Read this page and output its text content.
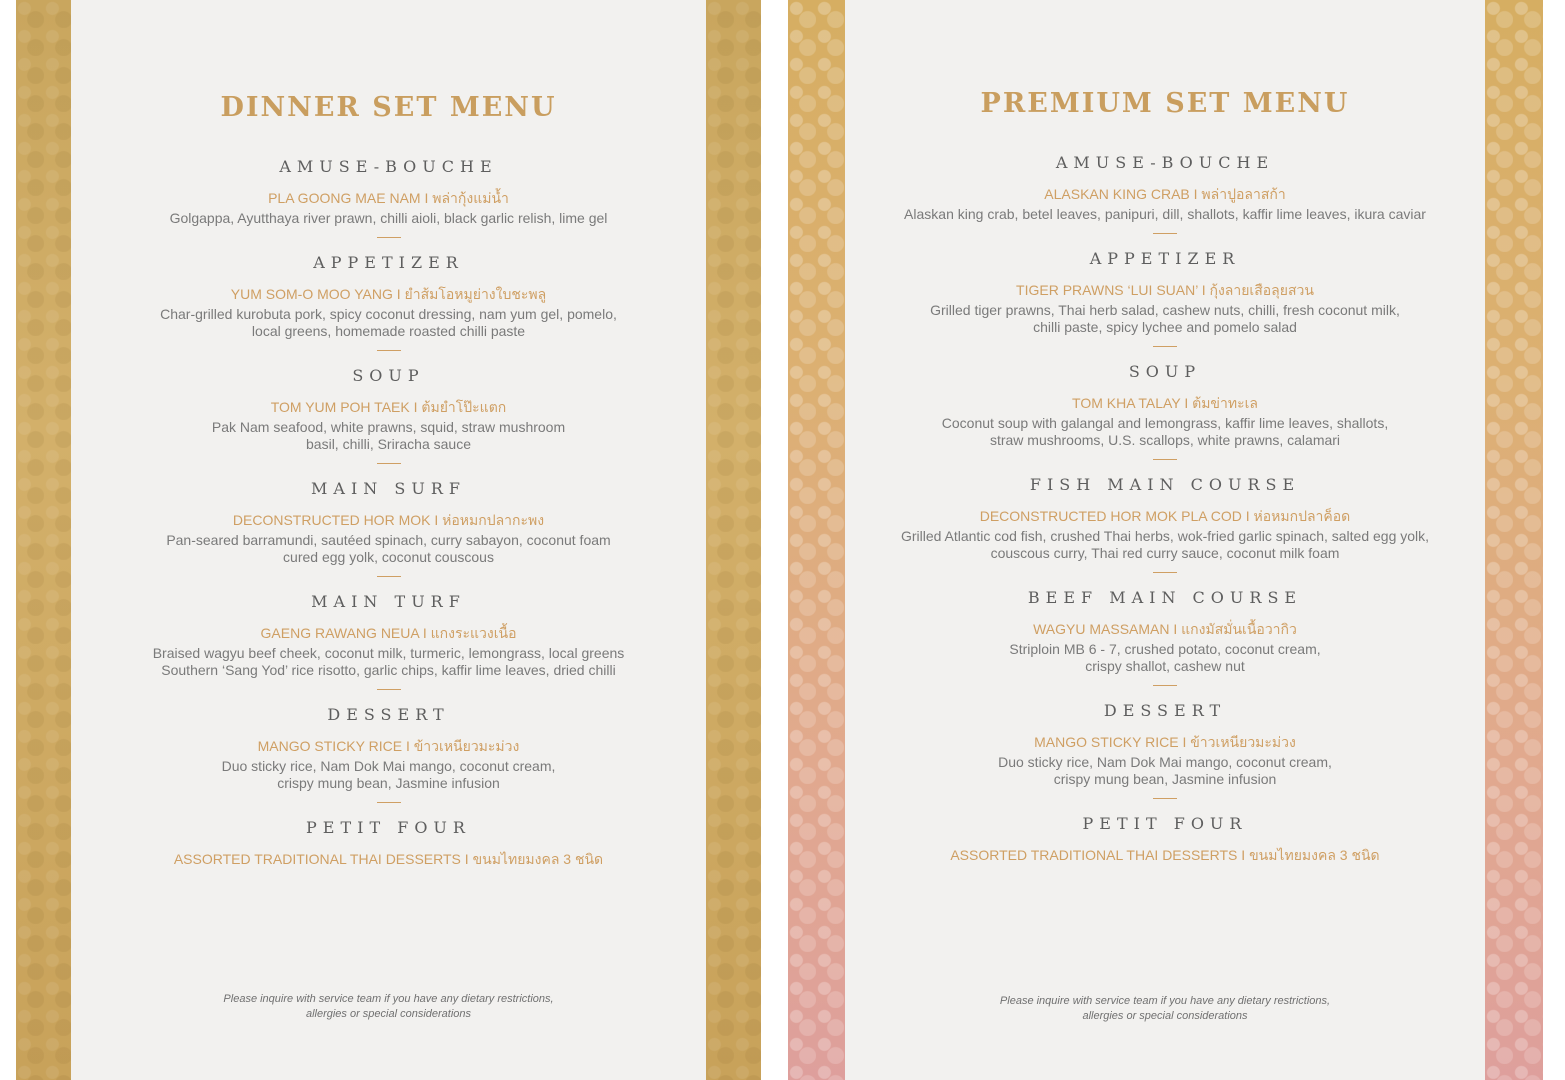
DINNER SET MENU
AMUSE-BOUCHE
PLA GOONG MAE NAM I พล่ากุ้งแม่น้ำ
Golgappa, Ayutthaya river prawn, chilli aioli, black garlic relish, lime gel
APPETIZER
YUM SOM-O MOO YANG I ยำส้มโอหมูย่างใบชะพลู
Char-grilled kurobuta pork, spicy coconut dressing, nam yum gel, pomelo,
local greens, homemade roasted chilli paste
SOUP
TOM YUM POH TAEK I ต้มยำโป๊ะแตก
Pak Nam seafood, white prawns, squid, straw mushroom
basil, chilli, Sriracha sauce
MAIN SURF
DECONSTRUCTED HOR MOK I ห่อหมกปลากะพง
Pan-seared barramundi, sautéed spinach, curry sabayon, coconut foam
cured egg yolk, coconut couscous
MAIN TURF
GAENG RAWANG NEUA I แกงระแวงเนื้อ
Braised wagyu beef cheek, coconut milk, turmeric, lemongrass, local greens
Southern ‘Sang Yod’ rice risotto, garlic chips, kaffir lime leaves, dried chilli
DESSERT
MANGO STICKY RICE I ข้าวเหนียวมะม่วง
Duo sticky rice, Nam Dok Mai mango, coconut cream,
crispy mung bean, Jasmine infusion
PETIT FOUR
ASSORTED TRADITIONAL THAI DESSERTS I ขนมไทยมงคล 3 ชนิด
Please inquire with service team if you have any dietary restrictions,
allergies or special considerations
PREMIUM SET MENU
AMUSE-BOUCHE
ALASKAN KING CRAB I พล่าปูอลาสก้า
Alaskan king crab, betel leaves, panipuri, dill, shallots, kaffir lime leaves, ikura caviar
APPETIZER
TIGER PRAWNS ‘LUI SUAN’ I กุ้งลายเสือลุยสวน
Grilled tiger prawns, Thai herb salad, cashew nuts, chilli, fresh coconut milk,
chilli paste, spicy lychee and pomelo salad
SOUP
TOM KHA TALAY I ต้มข่าทะเล
Coconut soup with galangal and lemongrass, kaffir lime leaves, shallots,
straw mushrooms, U.S. scallops, white prawns, calamari
FISH MAIN COURSE
DECONSTRUCTED HOR MOK PLA COD I ห่อหมกปลาค็อด
Grilled Atlantic cod fish, crushed Thai herbs, wok-fried garlic spinach, salted egg yolk,
couscous curry, Thai red curry sauce, coconut milk foam
BEEF MAIN COURSE
WAGYU MASSAMAN I แกงมัสมั่นเนื้อวากิว
Striploin MB 6 - 7, crushed potato, coconut cream,
crispy shallot, cashew nut
DESSERT
MANGO STICKY RICE I ข้าวเหนียวมะม่วง
Duo sticky rice, Nam Dok Mai mango, coconut cream,
crispy mung bean, Jasmine infusion
PETIT FOUR
ASSORTED TRADITIONAL THAI DESSERTS I ขนมไทยมงคล 3 ชนิด
Please inquire with service team if you have any dietary restrictions,
allergies or special considerations
